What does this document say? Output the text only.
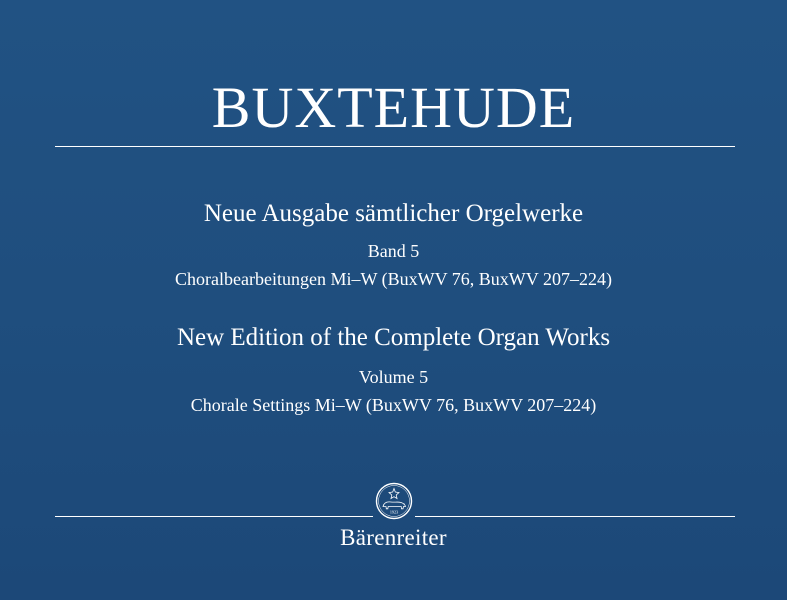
BUXTEHUDE
Neue Ausgabe sämtlicher Orgelwerke
Band 5
Choralbearbeitungen Mi–W (BuxWV 76, BuxWV 207–224)
New Edition of the Complete Organ Works
Volume 5
Chorale Settings Mi–W (BuxWV 76, BuxWV 207–224)
1923
Bärenreiter
